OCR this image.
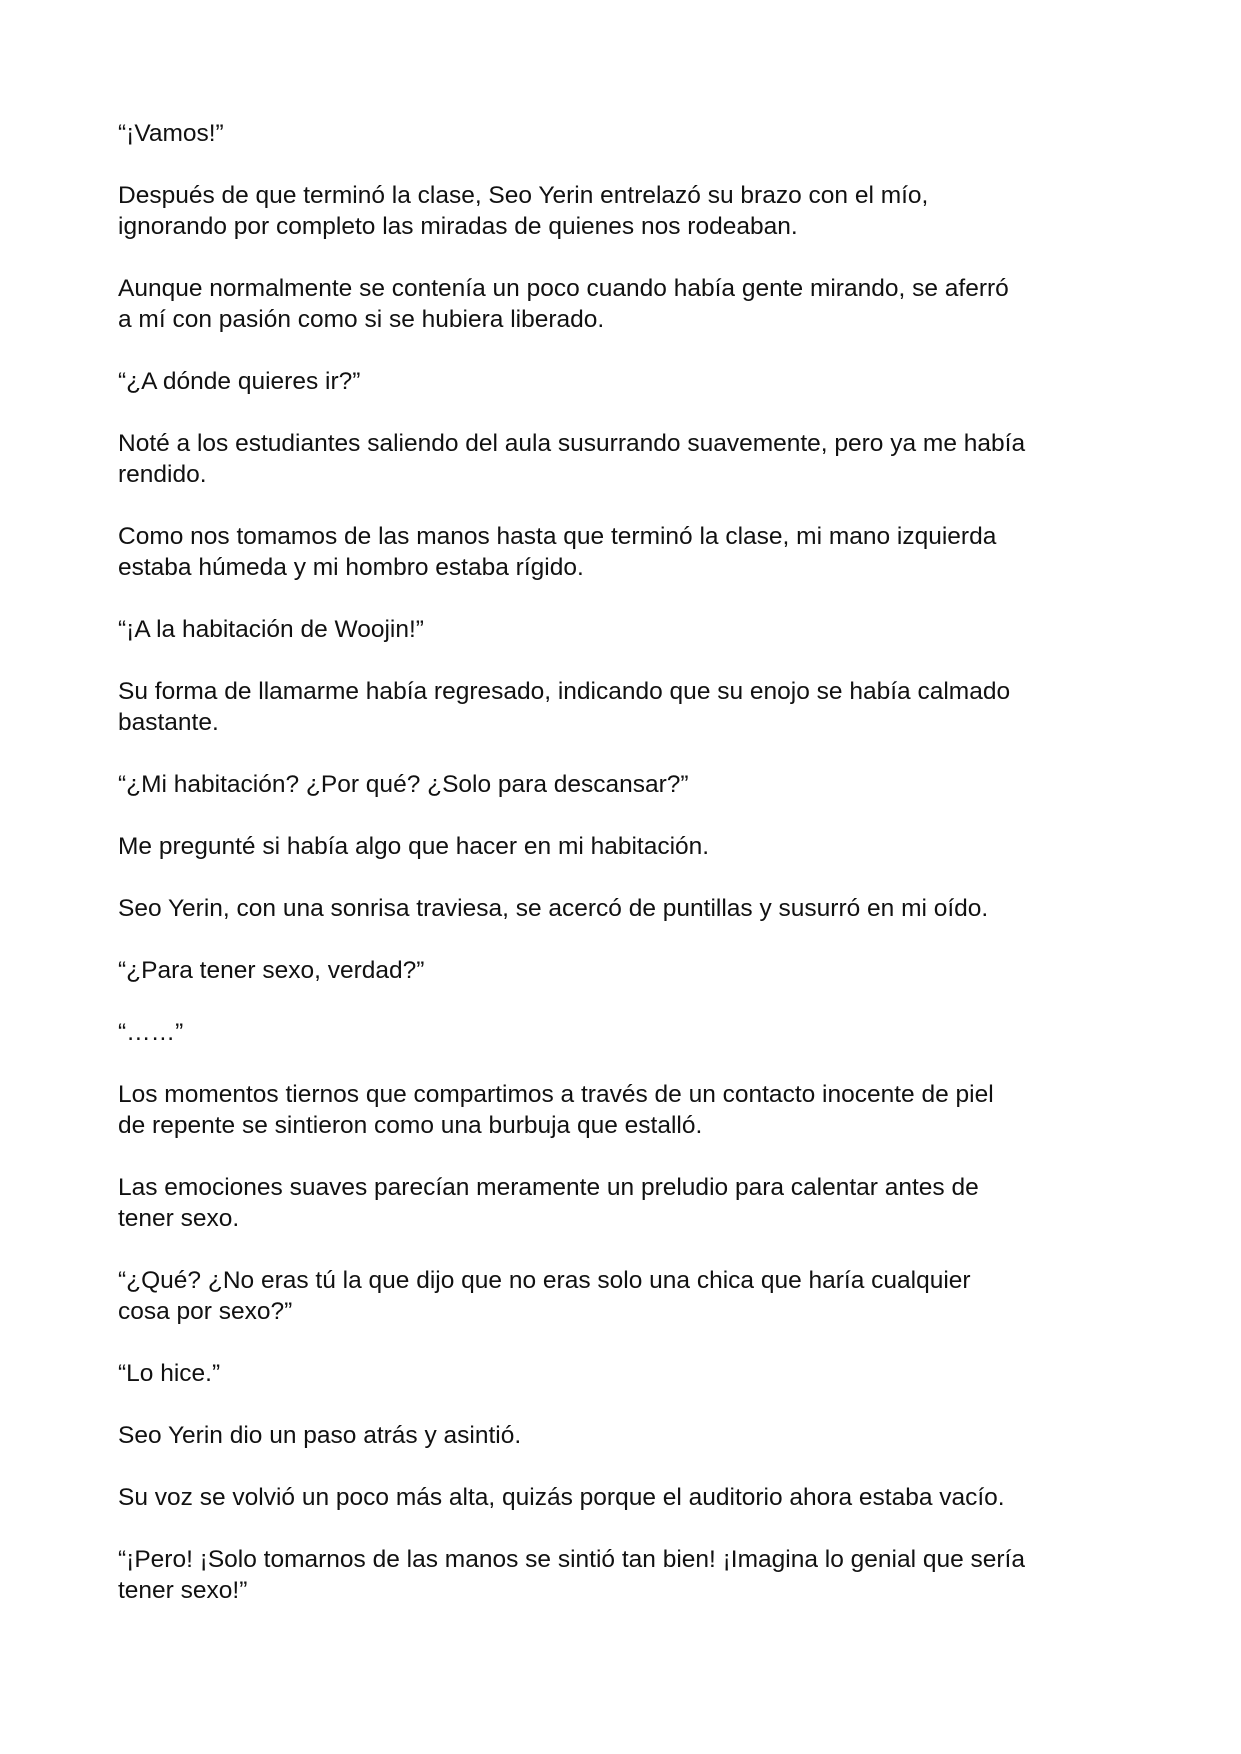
“¡Vamos!”

Después de que terminó la clase, Seo Yerin entrelazó su brazo con el mío,
ignorando por completo las miradas de quienes nos rodeaban.

Aunque normalmente se contenía un poco cuando había gente mirando, se aferró
a mí con pasión como si se hubiera liberado.

“¿A dónde quieres ir?”

Noté a los estudiantes saliendo del aula susurrando suavemente, pero ya me había
rendido.

Como nos tomamos de las manos hasta que terminó la clase, mi mano izquierda
estaba húmeda y mi hombro estaba rígido.

“¡A la habitación de Woojin!”

Su forma de llamarme había regresado, indicando que su enojo se había calmado
bastante.

“¿Mi habitación? ¿Por qué? ¿Solo para descansar?”

Me pregunté si había algo que hacer en mi habitación.

Seo Yerin, con una sonrisa traviesa, se acercó de puntillas y susurró en mi oído.

“¿Para tener sexo, verdad?”

“……”

Los momentos tiernos que compartimos a través de un contacto inocente de piel
de repente se sintieron como una burbuja que estalló.

Las emociones suaves parecían meramente un preludio para calentar antes de
tener sexo.

“¿Qué? ¿No eras tú la que dijo que no eras solo una chica que haría cualquier
cosa por sexo?”

“Lo hice.”

Seo Yerin dio un paso atrás y asintió.

Su voz se volvió un poco más alta, quizás porque el auditorio ahora estaba vacío.

“¡Pero! ¡Solo tomarnos de las manos se sintió tan bien! ¡Imagina lo genial que sería
tener sexo!”
